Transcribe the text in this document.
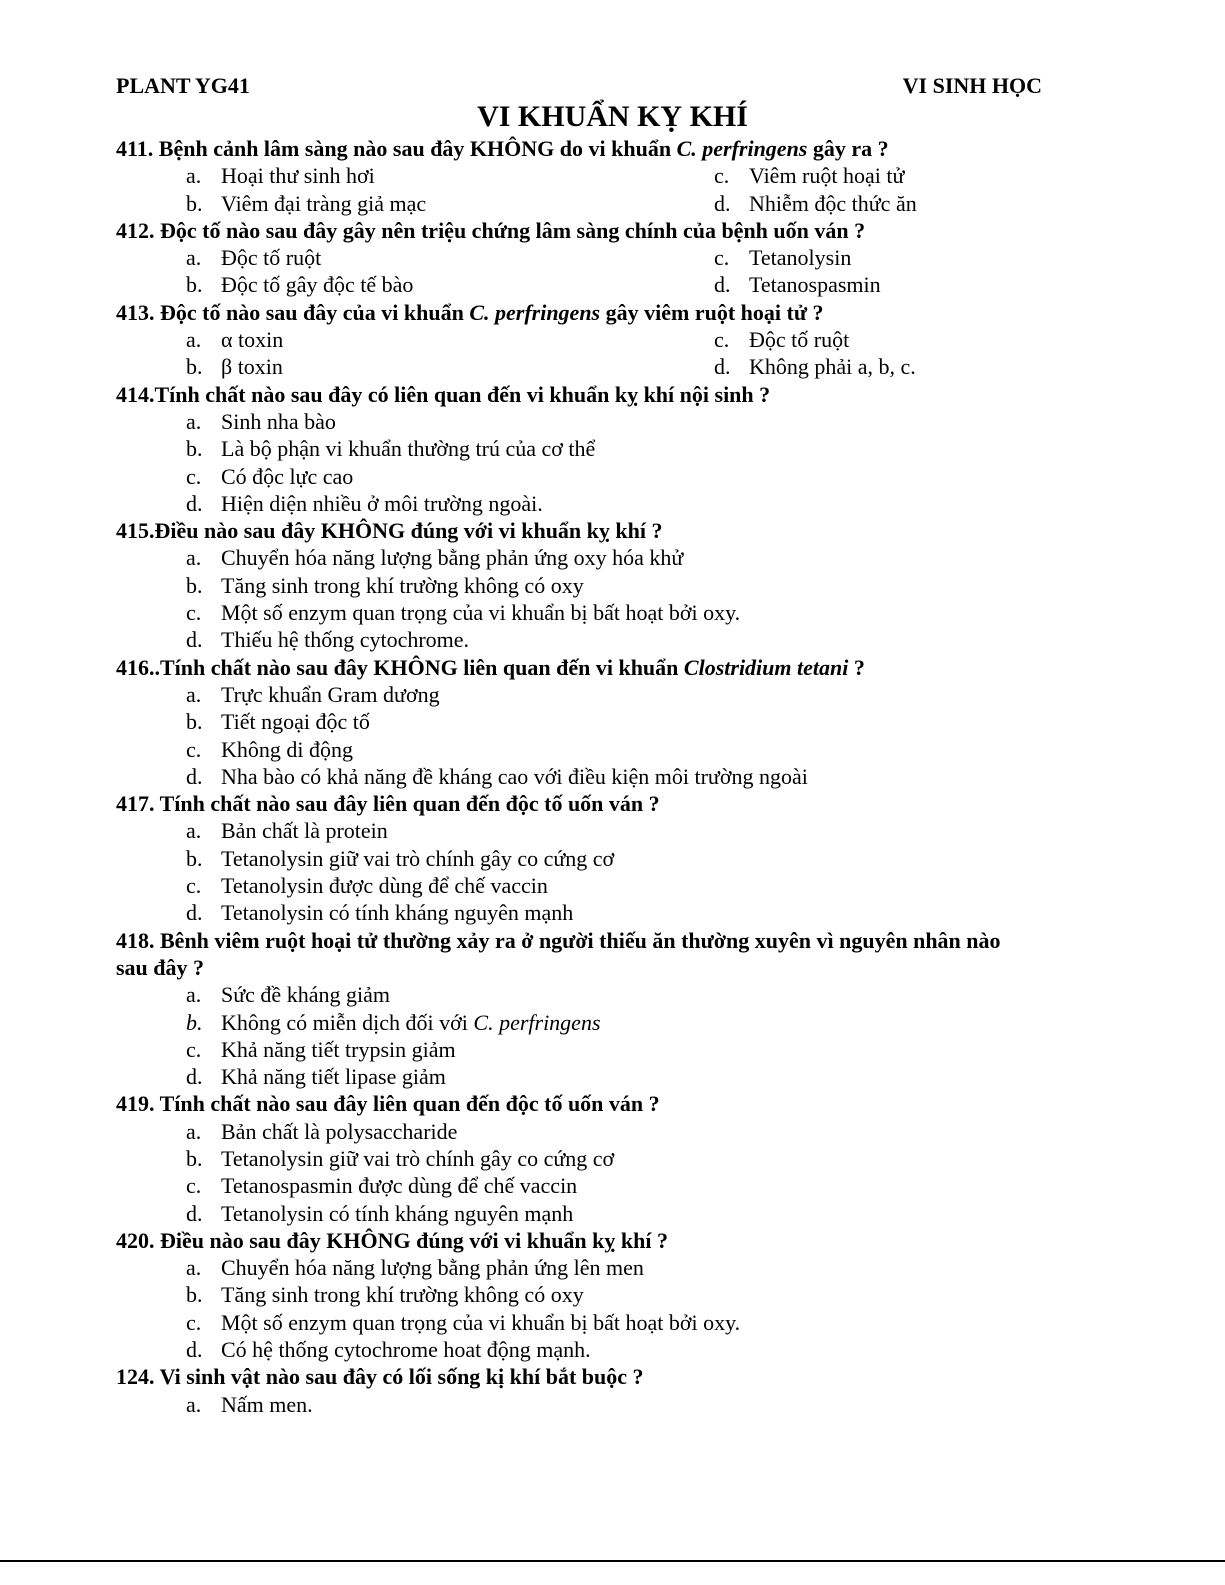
PLANT YG41	VI SINH HỌC
VI KHUẨN KỴ KHÍ

411. Bệnh cảnh lâm sàng nào sau đây KHÔNG do vi khuẩn C. perfringens gây ra ?

a. Hoại thư sinh hơi	c. Viêm ruột hoại tử
b. Viêm đại tràng giả mạc	d. Nhiễm độc thức ăn

412. Độc tố nào sau đây gây nên triệu chứng lâm sàng chính của bệnh uốn ván ?

a. Độc tố ruột	c. Tetanolysin
b. Độc tố gây độc tế bào	d. Tetanospasmin

413. Độc tố nào sau đây của vi khuẩn C. perfringens gây viêm ruột hoại tử ?

a. α toxin	c. Độc tố ruột
b. β toxin	d. Không phải a, b, c.

414.Tính chất nào sau đây có liên quan đến vi khuẩn kỵ khí nội sinh ?

a. Sinh nha bào
b. Là bộ phận vi khuẩn thường trú của cơ thể
c. Có độc lực cao
d. Hiện diện nhiều ở môi trường ngoài.

415.Điều nào sau đây KHÔNG đúng với vi khuẩn kỵ khí ?

a. Chuyển hóa năng lượng bằng phản ứng oxy hóa khử
b. Tăng sinh trong khí trường không có oxy
c. Một số enzym quan trọng của vi khuẩn bị bất hoạt bởi oxy.
d. Thiếu hệ thống cytochrome.

416..Tính chất nào sau đây KHÔNG liên quan đến vi khuẩn Clostridium tetani ?

a. Trực khuẩn Gram dương
b. Tiết ngoại độc tố
c. Không di động
d. Nha bào có khả năng đề kháng cao với điều kiện môi trường ngoài

417. Tính chất nào sau đây liên quan đến độc tố uốn ván ?

a. Bản chất là protein
b. Tetanolysin giữ vai trò chính gây co cứng cơ
c. Tetanolysin được dùng để chế vaccin
d. Tetanolysin có tính kháng nguyên mạnh

418. Bênh viêm ruột hoại tử thường xảy ra ở người thiếu ăn thường xuyên vì nguyên nhân nào

sau đây ?

a. Sức đề kháng giảm
b. Không có miễn dịch đối với C. perfringens
c. Khả năng tiết trypsin giảm
d. Khả năng tiết lipase giảm

419. Tính chất nào sau đây liên quan đến độc tố uốn ván ?

a. Bản chất là polysaccharide
b. Tetanolysin giữ vai trò chính gây co cứng cơ
c. Tetanospasmin được dùng để chế vaccin
d. Tetanolysin có tính kháng nguyên mạnh

420. Điều nào sau đây KHÔNG đúng với vi khuẩn kỵ khí ?

a. Chuyển hóa năng lượng bằng phản ứng lên men
b. Tăng sinh trong khí trường không có oxy
c. Một số enzym quan trọng của vi khuẩn bị bất hoạt bởi oxy.
d. Có hệ thống cytochrome hoat động mạnh.

124. Vi sinh vật nào sau đây có lối sống kị khí bắt buộc ?

a. Nấm men.
